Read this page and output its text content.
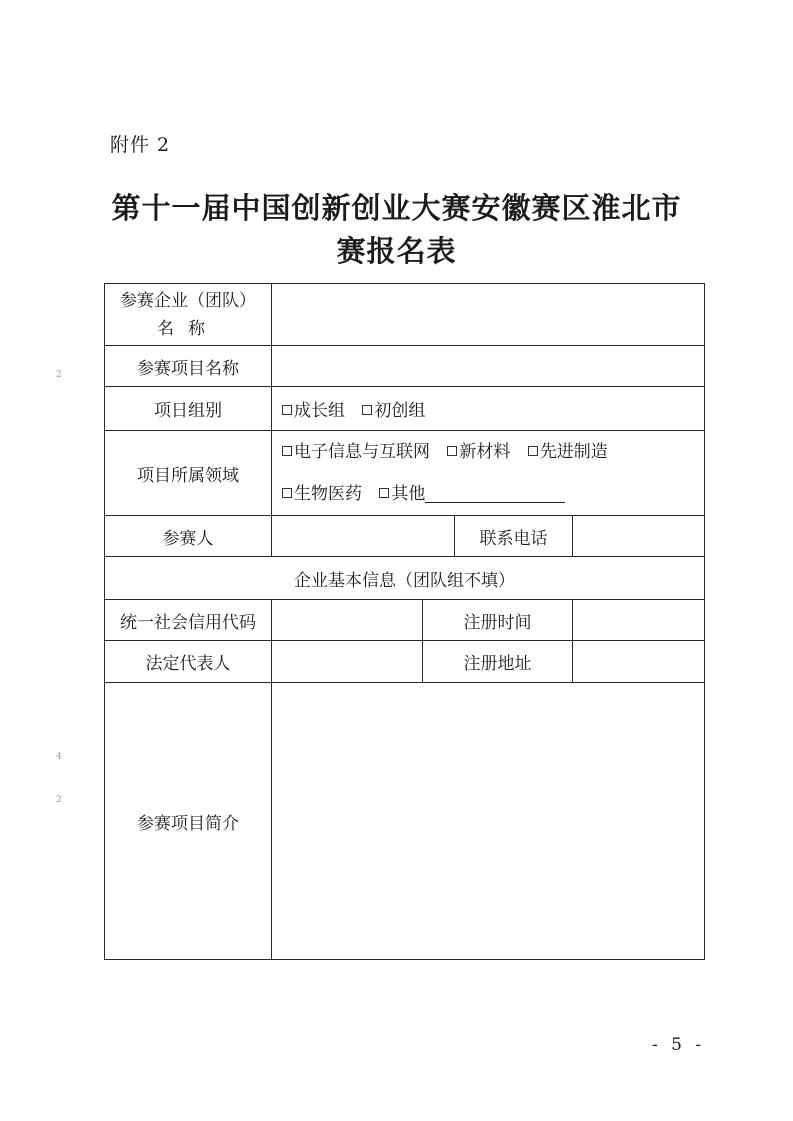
附件 2
第十一届中国创新创业大赛安徽赛区淮北市
赛报名表
2
4
2
参赛企业（团队）
名称				

参赛项目名称				
项日组别	成长组 初创组			
项目所属领域	电子信息与互联网 新材料 先进制造
生物医药 其他			

参赛人			联系电话	
企业基本信息（团队组不填）				
统一社会信用代码		注册时间		
法定代表人		注册地址		
参赛项目简介				
- 5 -
